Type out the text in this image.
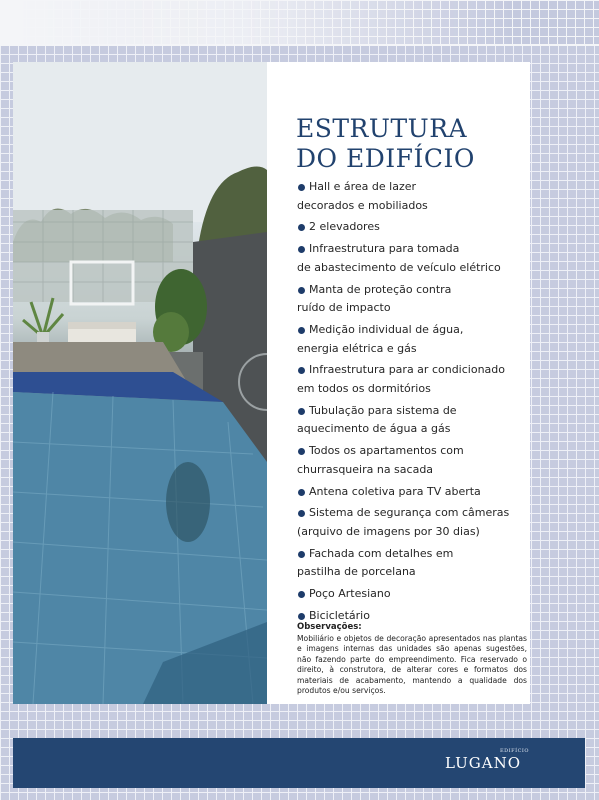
ESTRUTURA
DO EDIFÍCIO
Hall e área de lazer
decorados e mobiliados
2 elevadores
Infraestrutura para tomada
de abastecimento de veículo elétrico
Manta de proteção contra
ruído de impacto
Medição individual de água,
energia elétrica e gás
Infraestrutura para ar condicionado
em todos os dormitórios
Tubulação para sistema de
aquecimento de água a gás
Todos os apartamentos com
churrasqueira na sacada
Antena coletiva para TV aberta
Sistema de segurança com câmeras
(arquivo de imagens por 30 dias)
Fachada com detalhes em
pastilha de porcelana
Poço Artesiano
Bicicletário

Observações:

Mobiliário e objetos de decoração apresentados nas plantas e imagens internas das unidades são apenas sugestões, não fazendo parte do empreendimento. Fica reservado o direito, à construtora, de alterar cores e formatos dos materiais de acabamento, mantendo a qualidade dos produtos e/ou serviços.

EDIFÍCIO
LUGANO
